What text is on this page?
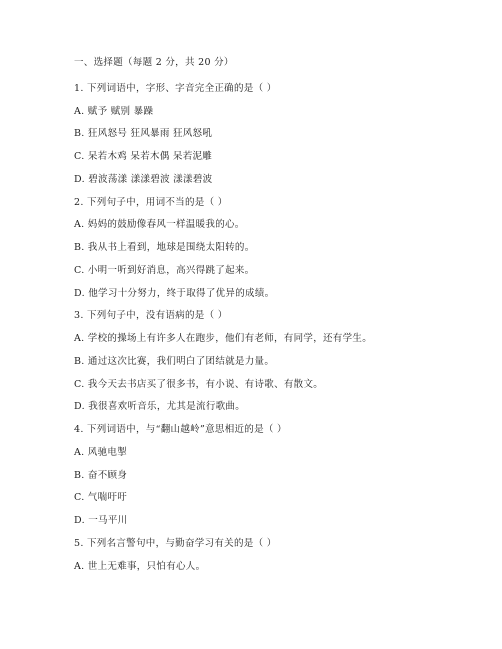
一、选择题（每题 2 分，共 20 分）
1. 下列词语中，字形、字音完全正确的是（ ）
A. 赋予 赋别 暴躁
B. 狂风怒号 狂风暴雨 狂风怒吼
C. 呆若木鸡 呆若木偶 呆若泥雕
D. 碧波荡漾 漾漾碧波 漾漾碧波
2. 下列句子中，用词不当的是（ ）
A. 妈妈的鼓励像春风一样温暖我的心。
B. 我从书上看到，地球是围绕太阳转的。
C. 小明一听到好消息，高兴得跳了起来。
D. 他学习十分努力，终于取得了优异的成绩。
3. 下列句子中，没有语病的是（ ）
A. 学校的操场上有许多人在跑步，他们有老师，有同学，还有学生。
B. 通过这次比赛，我们明白了团结就是力量。
C. 我今天去书店买了很多书，有小说、有诗歌、有散文。
D. 我很喜欢听音乐，尤其是流行歌曲。
4. 下列词语中，与“翻山越岭”意思相近的是（ ）
A. 风驰电掣
B. 奋不顾身
C. 气喘吁吁
D. 一马平川
5. 下列名言警句中，与勤奋学习有关的是（ ）
A. 世上无难事，只怕有心人。
